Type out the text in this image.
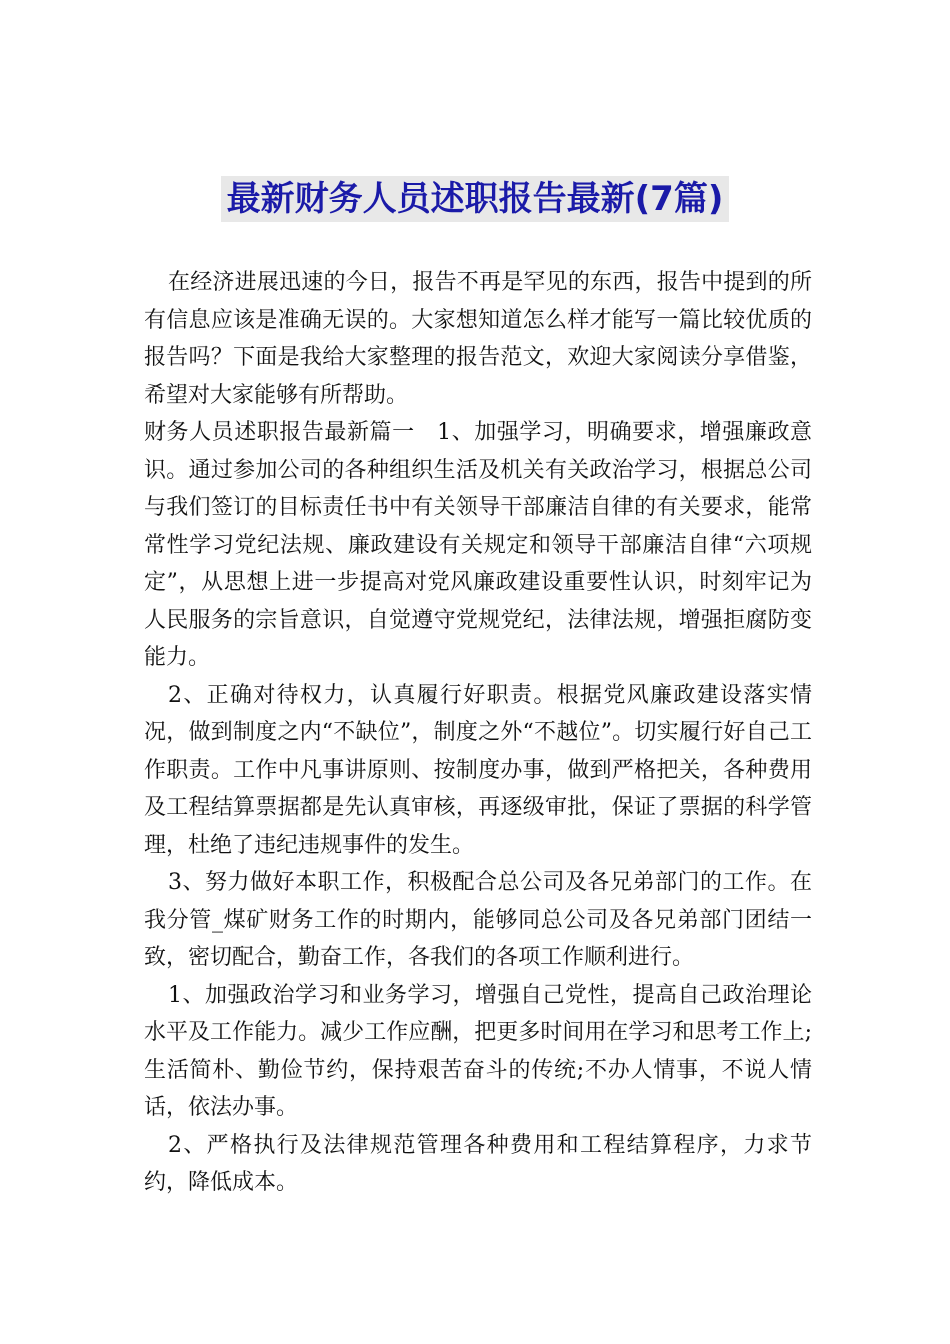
最新财务人员述职报告最新(7篇)

在经济进展迅速的今日，报告不再是罕见的东西，报告中提到的所有信息应该是准确无误的。大家想知道怎么样才能写一篇比较优质的报告吗？下面是我给大家整理的报告范文，欢迎大家阅读分享借鉴，希望对大家能够有所帮助。

财务人员述职报告最新篇一　1、加强学习，明确要求，增强廉政意识。通过参加公司的各种组织生活及机关有关政治学习，根据总公司与我们签订的目标责任书中有关领导干部廉洁自律的有关要求，能常常性学习党纪法规、廉政建设有关规定和领导干部廉洁自律“六项规定”，从思想上进一步提高对党风廉政建设重要性认识，时刻牢记为人民服务的宗旨意识，自觉遵守党规党纪，法律法规，增强拒腐防变能力。

2、正确对待权力，认真履行好职责。根据党风廉政建设落实情况，做到制度之内“不缺位”，制度之外“不越位”。切实履行好自己工作职责。工作中凡事讲原则、按制度办事，做到严格把关，各种费用及工程结算票据都是先认真审核，再逐级审批，保证了票据的科学管理，杜绝了违纪违规事件的发生。

3、努力做好本职工作，积极配合总公司及各兄弟部门的工作。在我分管_煤矿财务工作的时期内，能够同总公司及各兄弟部门团结一致，密切配合，勤奋工作，各我们的各项工作顺利进行。

1、加强政治学习和业务学习，增强自己党性，提高自己政治理论水平及工作能力。减少工作应酬，把更多时间用在学习和思考工作上;生活简朴、勤俭节约，保持艰苦奋斗的传统;不办人情事，不说人情话，依法办事。

2、严格执行及法律规范管理各种费用和工程结算程序，力求节约，降低成本。
